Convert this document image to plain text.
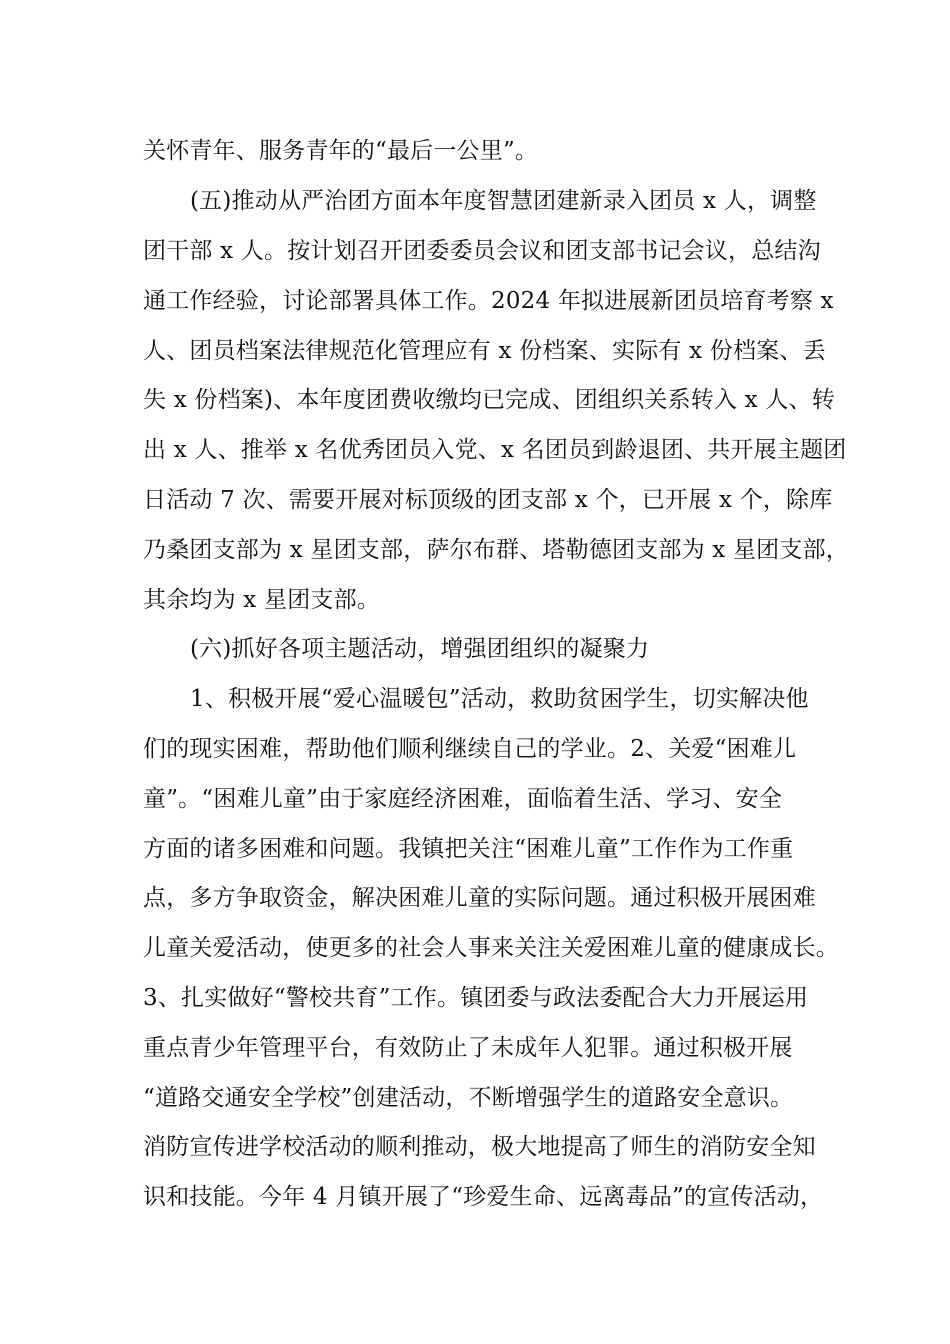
关怀青年、服务青年的“最后一公里”。
(五)推动从严治团方面本年度智慧团建新录入团员 x 人，调整
团干部 x 人。按计划召开团委委员会议和团支部书记会议，总结沟
通工作经验，讨论部署具体工作。2024 年拟进展新团员培育考察 x
人、团员档案法律规范化管理应有 x 份档案、实际有 x 份档案、丢
失 x 份档案)、本年度团费收缴均已完成、团组织关系转入 x 人、转
出 x 人、推举 x 名优秀团员入党、x 名团员到龄退团、共开展主题团
日活动 7 次、需要开展对标顶级的团支部 x 个，已开展 x 个，除库
乃桑团支部为 x 星团支部，萨尔布群、塔勒德团支部为 x 星团支部，
其余均为 x 星团支部。
(六)抓好各项主题活动，增强团组织的凝聚力
1、积极开展“爱心温暖包”活动，救助贫困学生，切实解决他
们的现实困难，帮助他们顺利继续自己的学业。2、关爱“困难儿
童”。“困难儿童”由于家庭经济困难，面临着生活、学习、安全
方面的诸多困难和问题。我镇把关注“困难儿童”工作作为工作重
点，多方争取资金，解决困难儿童的实际问题。通过积极开展困难
儿童关爱活动，使更多的社会人事来关注关爱困难儿童的健康成长。
3、扎实做好“警校共育”工作。镇团委与政法委配合大力开展运用
重点青少年管理平台，有效防止了未成年人犯罪。通过积极开展
“道路交通安全学校”创建活动，不断增强学生的道路安全意识。
消防宣传进学校活动的顺利推动，极大地提高了师生的消防安全知
识和技能。今年 4 月镇开展了“珍爱生命、远离毒品”的宣传活动，
